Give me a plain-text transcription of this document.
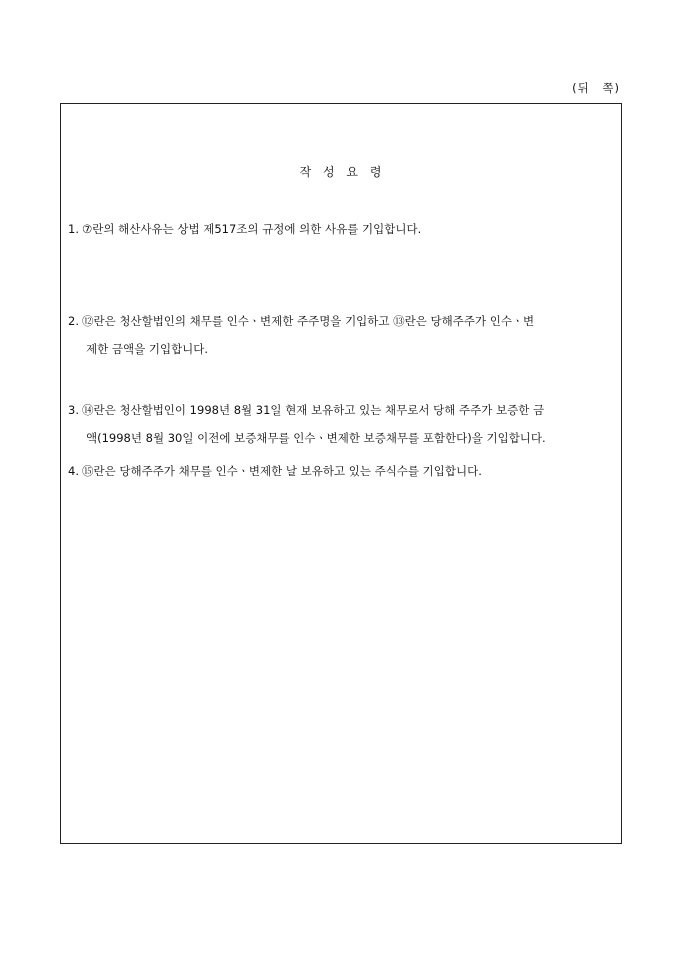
(뒤 쪽)
작 성 요 령
1. ⑦란의 해산사유는 상법 제517조의 규정에 의한 사유를 기입합니다.
2. ⑫란은 청산할법인의 채무를 인수ㆍ변제한 주주명을 기입하고 ⑬란은 당해주주가 인수ㆍ변
제한 금액을 기입합니다.
3. ⑭란은 청산할법인이 1998년 8월 31일 현재 보유하고 있는 채무로서 당해 주주가 보증한 금
액(1998년 8월 30일 이전에 보증채무를 인수ㆍ변제한 보증채무를 포함한다)을 기입합니다.
4. ⑮란은 당해주주가 채무를 인수ㆍ변제한 날 보유하고 있는 주식수를 기입합니다.
